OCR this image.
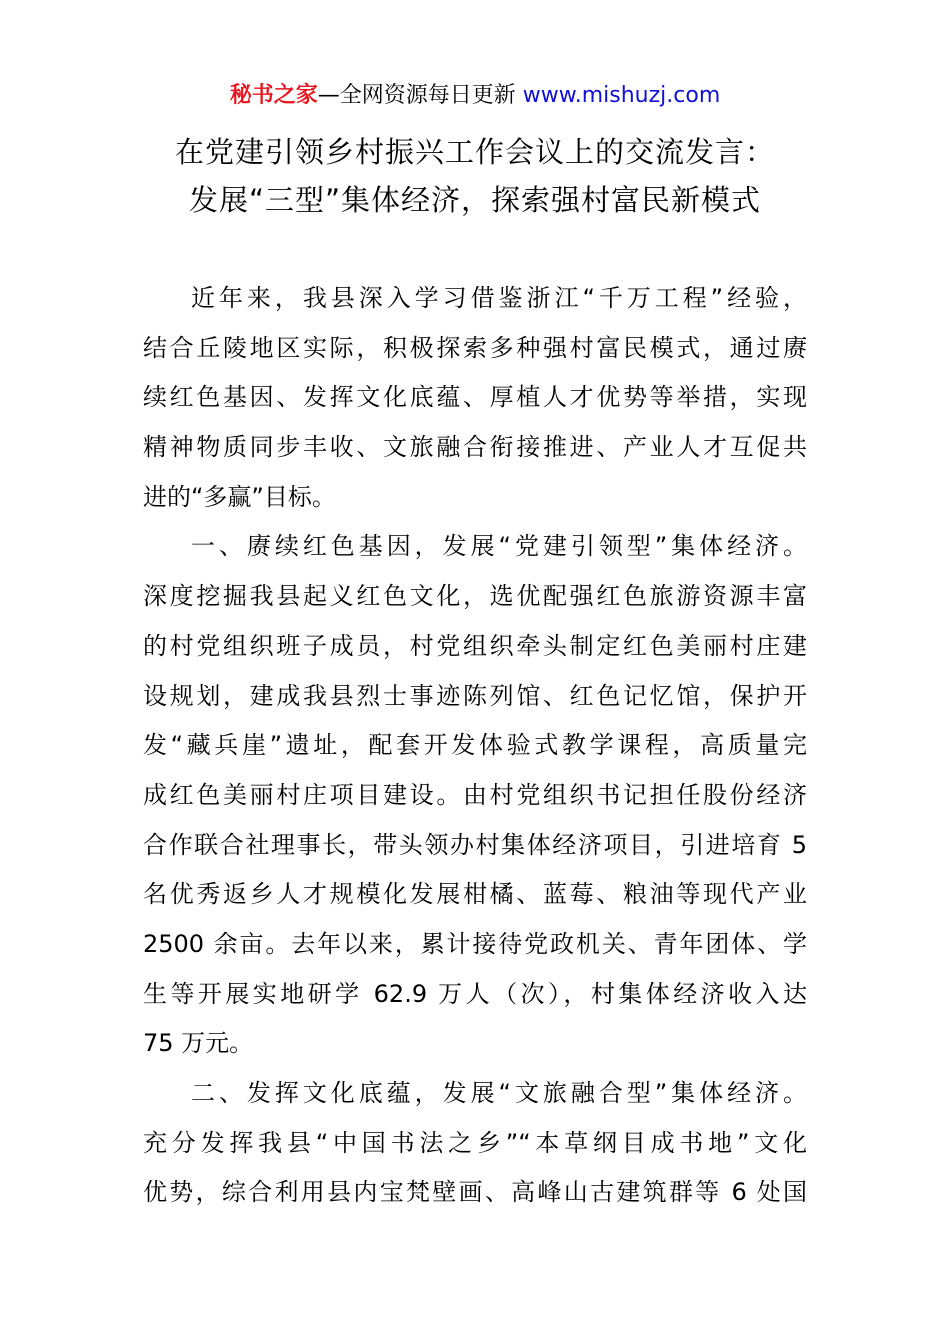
秘书之家—全网资源每日更新 www.mishuzj.com
在党建引领乡村振兴工作会议上的交流发言：
发展“三型”集体经济，探索强村富民新模式
近年来，我县深入学习借鉴浙江“千万工程”经验，
结合丘陵地区实际，积极探索多种强村富民模式，通过赓
续红色基因、发挥文化底蕴、厚植人才优势等举措，实现
精神物质同步丰收、文旅融合衔接推进、产业人才互促共
进的“多赢”目标。
一、赓续红色基因，发展“党建引领型”集体经济。
深度挖掘我县起义红色文化，选优配强红色旅游资源丰富
的村党组织班子成员，村党组织牵头制定红色美丽村庄建
设规划，建成我县烈士事迹陈列馆、红色记忆馆，保护开
发“藏兵崖”遗址，配套开发体验式教学课程，高质量完
成红色美丽村庄项目建设。由村党组织书记担任股份经济
合作联合社理事长，带头领办村集体经济项目，引进培育 5
名优秀返乡人才规模化发展柑橘、蓝莓、粮油等现代产业
2500 余亩。去年以来，累计接待党政机关、青年团体、学
生等开展实地研学 62.9 万人（次），村集体经济收入达
75 万元。
二、发挥文化底蕴，发展“文旅融合型”集体经济。
充分发挥我县“中国书法之乡”“本草纲目成书地”文化
优势，综合利用县内宝梵壁画、高峰山古建筑群等 6 处国
